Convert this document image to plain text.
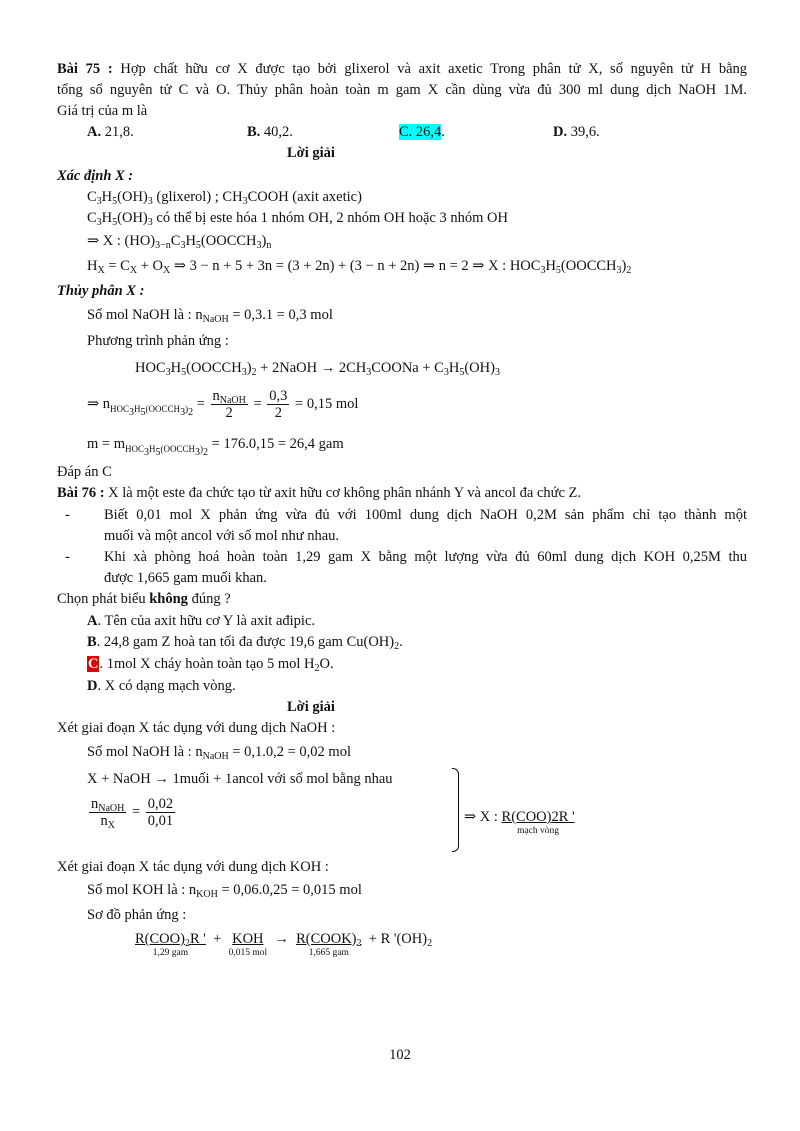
Bài 75 : Hợp chất hữu cơ X được tạo bởi glixerol và axit axetic Trong phân tử X, số nguyên tử H bằng
tổng số nguyên tử C và O. Thủy phân hoàn toàn m gam X cần dùng vừa đủ 300 ml dung dịch NaOH 1M.
Giá trị của m là
A. 21,8.	B. 40,2.	C. 26,4.	D. 39,6.
Lời giải
Xác định X :
$C_3H_5(OH)_3$ (glixerol) ; $CH_3COOH$ (axit axetic)
$C_3H_5(OH)_3$ có thể bị este hóa 1 nhóm OH, 2 nhóm OH hoặc 3 nhóm OH
⇒ X : $(HO)_{3-n}C_3H_5(OOCCH_3)_n$
$H_X = C_X + O_X$ ⇒ 3 − n + 5 + 3n = (3 + 2n) + (3 − n + 2n) ⇒ n = 2 ⇒ X : $HOC_3H_5(OOCCH_3)_2$
Thủy phân X :
Số mol NaOH là : $n_{NaOH} = 0,3.1 = 0,3$ mol
Phương trình phản ứng :
$HOC_3H_5(OOCCH_3)_2$ + 2NaOH → $2CH_3COONa + C_3H_5(OH)_3$
⇒ $n_{HOC_3H_5(OOCCH_3)_2} = \frac{n_{NaOH}}{2} = \frac{0,3}{2} = 0,15$ mol
$m = m_{HOC_3H_5(OOCCH_3)_2} = 176.0,15 = 26,4$ gam
Đáp án C
Bài 76 : X là một este đa chức tạo từ axit hữu cơ không phân nhánh Y và ancol đa chức Z.
- Biết 0,01 mol X phản ứng vừa đủ với 100ml dung dịch NaOH 0,2M sản phẩm chỉ tạo thành một
muối và một ancol với số mol như nhau.
- Khi xà phòng hoá hoàn toàn 1,29 gam X bằng một lượng vừa đủ 60ml dung dịch KOH 0,25M thu
được 1,665 gam muối khan.
Chọn phát biểu không đúng ?
A. Tên của axit hữu cơ Y là axit ađipic.
B. 24,8 gam Z hoà tan tối đa được 19,6 gam $Cu(OH)_2$.
C. 1mol X cháy hoàn toàn tạo 5 mol $H_2O$.
D. X có dạng mạch vòng.
Lời giải
Xét giai đoạn X tác dụng với dung dịch NaOH :
Số mol NaOH là : $n_{NaOH} = 0,1.0,2 = 0,02$ mol
X + NaOH → 1muối + 1ancol với số mol bằng nhau
$\frac{n_{NaOH}}{n_X} = \frac{0,02}{0,01}$	⇒ X : R(COO)2R '
mạch vòng
Xét giai đoạn X tác dụng với dung dịch KOH :
Số mol KOH là : $n_{KOH} = 0,06.0,25 = 0,015$ mol
Sơ đồ phản ứng :
$R(COO)_2R$ '
1,29 gam
+ KOH
0,015 mol
→ $R(COOK)_2$
1,665 gam
+ R '$(OH)_2$
102
